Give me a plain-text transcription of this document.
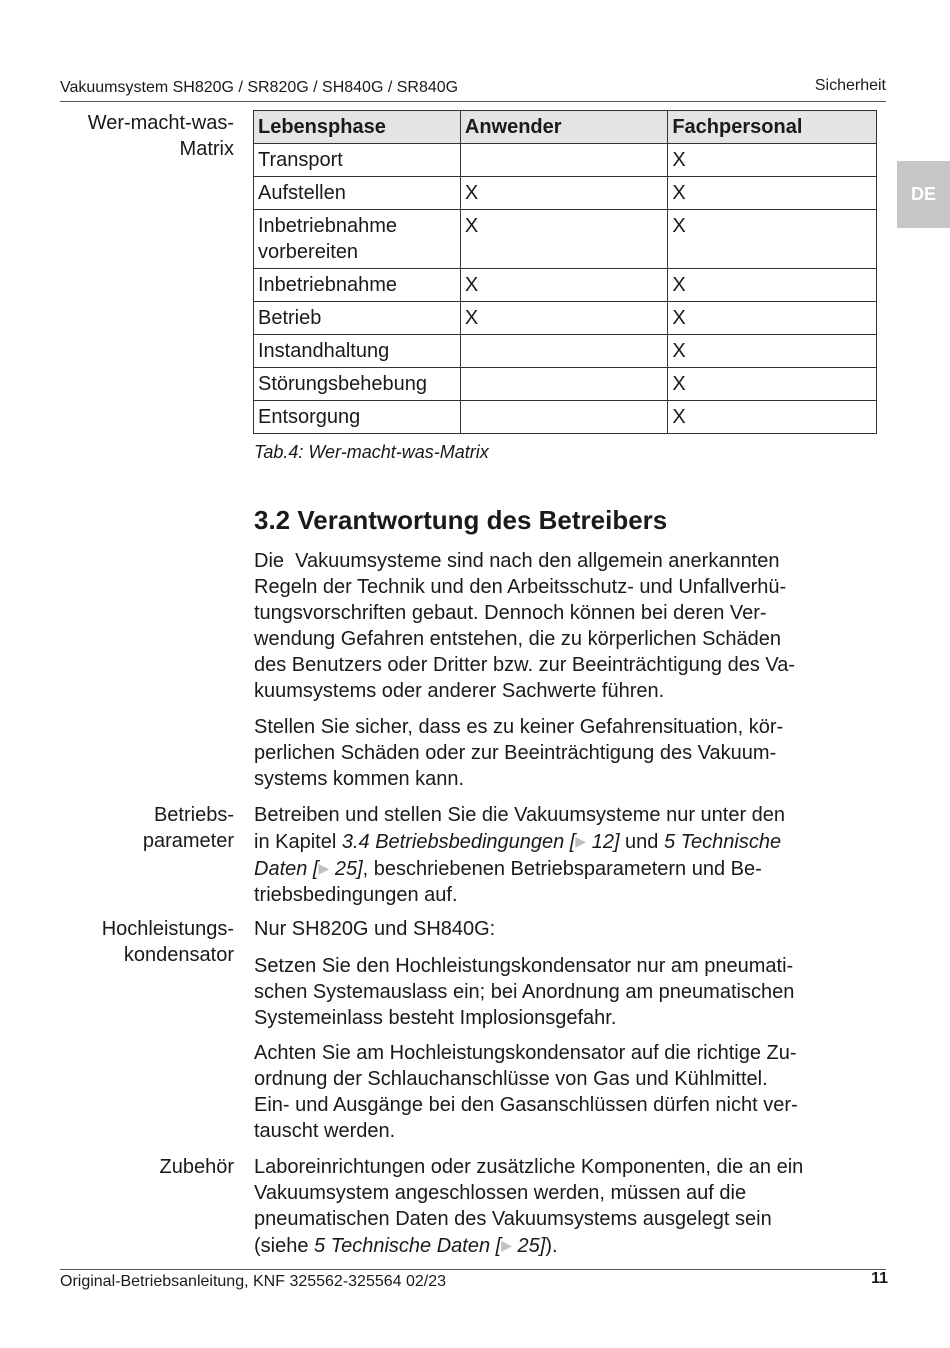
Vakuumsystem SH820G / SR820G / SH840G / SR840G	Sicherheit
DE
Wer-macht-was-
Matrix
Lebensphase	Anwender	Fachpersonal
Transport		X
Aufstellen	X	X
Inbetriebnahme vorbereiten	X	X
Inbetriebnahme	X	X
Betrieb	X	X
Instandhaltung		X
Störungsbehebung		X
Entsorgung		X
Tab.4: Wer-macht-was-Matrix
3.2 Verantwortung des Betreibers
Die  Vakuumsysteme sind nach den allgemein anerkannten
Regeln der Technik und den Arbeitsschutz- und Unfallverhü-
tungsvorschriften gebaut. Dennoch können bei deren Ver-
wendung Gefahren entstehen, die zu körperlichen Schäden
des Benutzers oder Dritter bzw. zur Beeinträchtigung des Va-
kuumsystems oder anderer Sachwerte führen.
Stellen Sie sicher, dass es zu keiner Gefahrensituation, kör-
perlichen Schäden oder zur Beeinträchtigung des Vakuum-
systems kommen kann.
Betriebs-
parameter
Betreiben und stellen Sie die Vakuumsysteme nur unter den
in Kapitel 3.4 Betriebsbedingungen [▶ 12] und 5 Technische
Daten [▶ 25], beschriebenen Betriebsparametern und Be-
triebsbedingungen auf.
Hochleistungs-
kondensator
Nur SH820G und SH840G:
Setzen Sie den Hochleistungskondensator nur am pneumati-
schen Systemauslass ein; bei Anordnung am pneumatischen
Systemeinlass besteht Implosionsgefahr.
Achten Sie am Hochleistungskondensator auf die richtige Zu-
ordnung der Schlauchanschlüsse von Gas und Kühlmittel.
Ein- und Ausgänge bei den Gasanschlüssen dürfen nicht ver-
tauscht werden.
Zubehör Laboreinrichtungen oder zusätzliche Komponenten, die an ein
Vakuumsystem angeschlossen werden, müssen auf die
pneumatischen Daten des Vakuumsystems ausgelegt sein
(siehe 5 Technische Daten [▶ 25]).
Original-Betriebsanleitung, KNF 325562-325564 02/23	11
